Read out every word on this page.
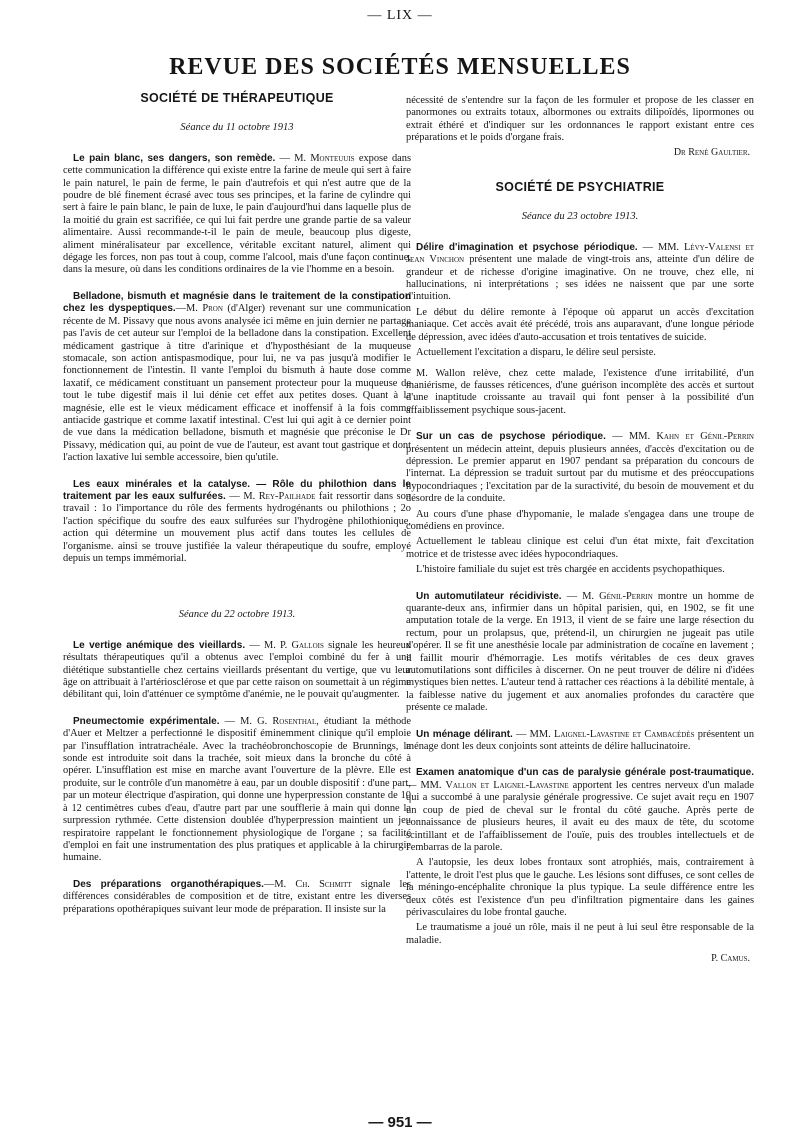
— LIX —
REVUE DES SOCIÉTÉS MENSUELLES
SOCIÉTÉ DE THÉRAPEUTIQUE
Séance du 11 octobre 1913

Le pain blanc, ses dangers, son remède. — M. Monteuuis expose dans cette communication la différence qui existe entre la farine de meule qui sert à faire le pain naturel, le pain de ferme, le pain d'autrefois et qui n'est autre que de la poudre de blé finement écrasé avec tous ses principes, et la farine de cylindre qui sert à faire le pain blanc, le pain de luxe, le pain d'aujourd'hui dans laquelle plus de la moitié du grain est sacrifiée, ce qui lui fait perdre une grande partie de sa valeur alimentaire. Aussi recommande-t-il le pain de meule, beaucoup plus digeste, aliment minéralisateur par excellence, véritable excitant naturel, aliment qui dégage les forces, non pas tout à coup, comme l'alcool, mais d'une façon continue, dans la mesure, où dans les conditions ordinaires de la vie l'homme en a besoin.

Belladone, bismuth et magnésie dans le traitement de la constipation chez les dyspeptiques.—M. Pron (d'Alger) revenant sur une communication récente de M. Pissavy que nous avons analysée ici même en juin dernier ne partage pas l'avis de cet auteur sur l'emploi de la belladone dans la constipation. Excellent médicament gastrique à titre d'arinique et d'hyposthésiant de la muqueuse stomacale, son action antispasmodique, pour lui, ne va pas jusqu'à modifier le fonctionnement de l'intestin. Il vante l'emploi du bismuth à haute dose comme laxatif, ce médicament constituant un pansement protecteur pour la muqueuse de tout le tube digestif mais il lui dénie cet effet aux petites doses. Quant à la magnésie, elle est le vieux médicament efficace et inoffensif à la fois comme antiacide gastrique et comme laxatif intestinal. C'est lui qui agit à ce dernier point de vue dans la médication belladone, bismuth et magnésie que préconise le Dr Pissavy, médication qui, au point de vue de l'auteur, est avant tout gastrique et dont l'action laxative lui semble accessoire, bien qu'utile.

Les eaux minérales et la catalyse. — Rôle du philothion dans le traitement par les eaux sulfurées. — M. Rey-Pailhade fait ressortir dans son travail : 1o l'importance du rôle des ferments hydrogénants ou philothions ; 2o l'action spécifique du soufre des eaux sulfurées sur l'hydrogène philothionique, action qui détermine un mouvement plus actif dans toutes les cellules de l'organisme. ainsi se trouve justifiée la valeur thérapeutique du soufre, employé depuis un temps immémorial.

Séance du 22 octobre 1913.

Le vertige anémique des vieillards. — M. P. Gallois signale les heureux résultats thérapeutiques qu'il a obtenus avec l'emploi combiné du fer à une diététique substantielle chez certains vieillards présentant du vertige, que vu leur âge on attribuait à l'artériosclérose et que par cette raison on soumettait à un régime débilitant qui, loin d'atténuer ce symptôme d'anémie, ne le pouvait qu'augmenter.

Pneumectomie expérimentale. — M. G. Rosenthal, étudiant la méthode d'Auer et Meltzer a perfectionné le dispositif éminemment clinique qu'il emploie par l'insufflation intratrachéale. Avec la trachéobronchoscopie de Brunnings, la sonde est introduite soit dans la trachée, soit mieux dans la bronche du côté à opérer. L'insufflation est mise en marche avant l'ouverture de la plèvre. Elle est produite, sur le contrôle d'un manomètre à eau, par un double dispositif : d'une part, par un moteur électrique d'aspiration, qui donne une hyperpression constante de 10 à 12 centimètres cubes d'eau, d'autre part par une soufflerie à main qui donne la surpression rythmée. Cette distension doublée d'hyperpression maintient un jeu respiratoire rappelant le fonctionnement physiologique de l'organe ; sa facilité d'emploi en fait une instrumentation des plus pratiques et applicable à la chirurgie humaine.

Des préparations organothérapiques.—M. Ch. Schmitt signale les différences considérables de composition et de titre, existant entre les diverses préparations opothérapiques suivant leur mode de préparation. Il insiste sur la

nécessité de s'entendre sur la façon de les formuler et propose de les classer en panormones ou extraits totaux, albormones ou extraits dilipoïdés, lipormones ou extrait éthéré et d'indiquer sur les ordonnances le rapport existant entre ces préparations et le poids d'organe frais.

Dr René Gaultier.
SOCIÉTÉ DE PSYCHIATRIE
Séance du 23 octobre 1913.

Délire d'imagination et psychose périodique. — MM. Lévy-Valensi et Jean Vinchon présentent une malade de vingt-trois ans, atteinte d'un délire de grandeur et de richesse d'origine imaginative. On ne trouve, chez elle, ni hallucinations, ni interprétations ; ses idées ne naissent que par une sorte d'intuition.

Le début du délire remonte à l'époque où apparut un accès d'excitation maniaque. Cet accès avait été précédé, trois ans auparavant, d'une longue période de dépression, avec idées d'auto-accusation et trois tentatives de suicide.

Actuellement l'excitation a disparu, le délire seul persiste.

M. Wallon relève, chez cette malade, l'existence d'une irritabilité, d'un maniérisme, de fausses réticences, d'une guérison incomplète des accès et surtout d'une inaptitude croissante au travail qui font penser à la possibilité d'un affaiblissement psychique sous-jacent.

Sur un cas de psychose périodique. — MM. Kahn et Génil-Perrin présentent un médecin atteint, depuis plusieurs années, d'accès d'excitation ou de dépression. Le premier apparut en 1907 pendant sa préparation du concours de l'internat. La dépression se traduit surtout par du mutisme et des préoccupations hypocondriaques ; l'excitation par de la suractivité, du besoin de mouvement et du désordre de la conduite.

Au cours d'une phase d'hypomanie, le malade s'engagea dans une troupe de comédiens en province.

Actuellement le tableau clinique est celui d'un état mixte, fait d'excitation motrice et de tristesse avec idées hypocondriaques.

L'histoire familiale du sujet est très chargée en accidents psychopathiques.

Un automutilateur récidiviste. — M. Génil-Perrin montre un homme de quarante-deux ans, infirmier dans un hôpital parisien, qui, en 1902, se fit une amputation totale de la verge. En 1913, il vient de se faire une large résection du rectum, pour un prolapsus, que, prétend-il, un chirurgien ne jugeait pas utile d'opérer. Il se fit une anesthésie locale par administration de cocaïne en lavement ; il faillit mourir d'hémorragie. Les motifs véritables de ces deux graves automutilations sont difficiles à discerner. On ne peut trouver de délire ni d'idées mystiques bien nettes. L'auteur tend à rattacher ces réactions à la débilité mentale, à la faiblesse native du jugement et aux anomalies profondes du caractère que présente ce malade.

Un ménage délirant. — MM. Laignel-Lavastine et Cambacédès présentent un ménage dont les deux conjoints sont atteints de délire hallucinatoire.

Examen anatomique d'un cas de paralysie générale post-traumatique. — MM. Vallon et Laignel-Lavastine apportent les centres nerveux d'un malade qui a succombé à une paralysie générale progressive. Ce sujet avait reçu en 1907 un coup de pied de cheval sur le frontal du côté gauche. Après perte de connaissance de plusieurs heures, il avait eu des maux de tête, du scotome scintillant et de l'affaiblissement de l'ouïe, puis des troubles intellectuels et de l'embarras de la parole.

A l'autopsie, les deux lobes frontaux sont atrophiés, mais, contrairement à l'attente, le droit l'est plus que le gauche. Les lésions sont diffuses, ce sont celles de la méningo-encéphalite chronique la plus typique. La seule différence entre les deux côtés est l'existence d'un peu d'infiltration pigmentaire dans les gaines périvasculaires du lobe frontal gauche.

Le traumatisme a joué un rôle, mais il ne peut à lui seul être responsable de la maladie.

P. Camus.
— 951 —
